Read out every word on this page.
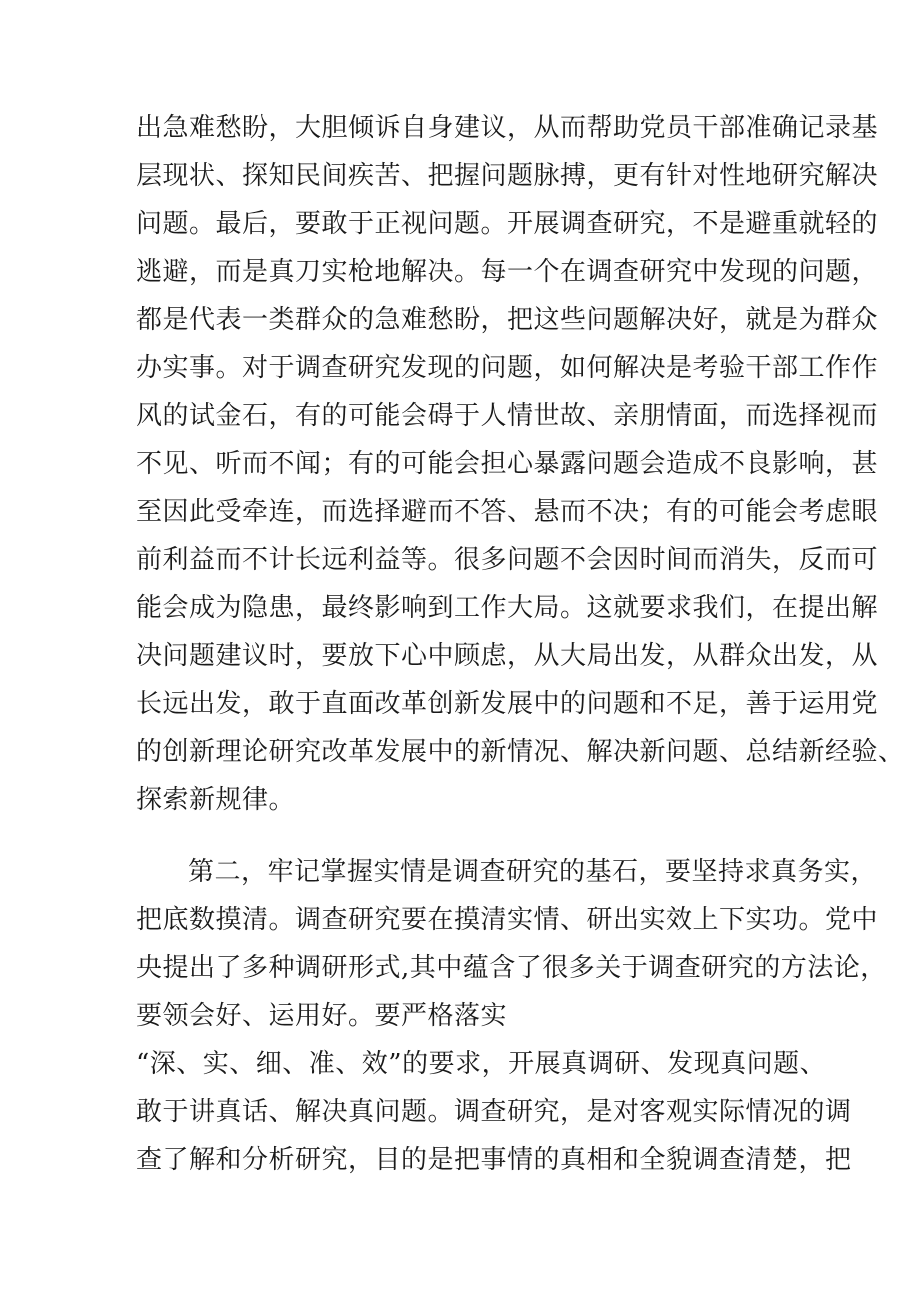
出急难愁盼，大胆倾诉自身建议，从而帮助党员干部准确记录基
层现状、探知民间疾苦、把握问题脉搏，更有针对性地研究解决
问题。最后，要敢于正视问题。开展调查研究，不是避重就轻的
逃避，而是真刀实枪地解决。每一个在调查研究中发现的问题，
都是代表一类群众的急难愁盼，把这些问题解决好，就是为群众
办实事。对于调查研究发现的问题，如何解决是考验干部工作作
风的试金石，有的可能会碍于人情世故、亲朋情面，而选择视而
不见、听而不闻；有的可能会担心暴露问题会造成不良影响，甚
至因此受牵连，而选择避而不答、悬而不决；有的可能会考虑眼
前利益而不计长远利益等。很多问题不会因时间而消失，反而可
能会成为隐患，最终影响到工作大局。这就要求我们，在提出解
决问题建议时，要放下心中顾虑，从大局出发，从群众出发，从
长远出发，敢于直面改革创新发展中的问题和不足，善于运用党
的创新理论研究改革发展中的新情况、解决新问题、总结新经验、
探索新规律。
第二，牢记掌握实情是调查研究的基石，要坚持求真务实，
把底数摸清。调查研究要在摸清实情、研出实效上下实功。党中
央提出了多种调研形式,其中蕴含了很多关于调查研究的方法论，
要领会好、运用好。要严格落实
“深、实、细、准、效”的要求，开展真调研、发现真问题、
敢于讲真话、解决真问题。调查研究，是对客观实际情况的调
查了解和分析研究，目的是把事情的真相和全貌调查清楚，把
